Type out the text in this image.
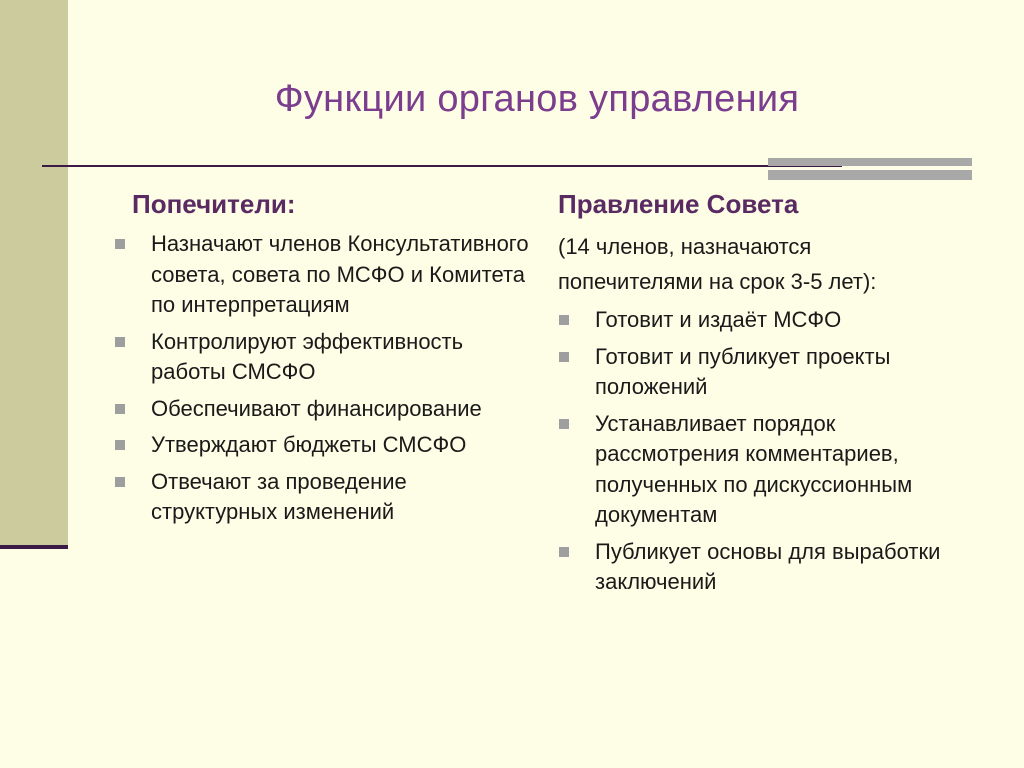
Функции органов управления
Попечители:
Назначают членов Консультативного совета, совета по МСФО и Комитета по интерпретациям
Контролируют эффективность работы СМСФО
Обеспечивают финансирование
Утверждают бюджеты СМСФО
Отвечают за проведение структурных изменений
Правление Совета
(14 членов, назначаются
попечителями на срок 3-5 лет):
Готовит и издаёт МСФО
Готовит и публикует проекты положений
Устанавливает порядок рассмотрения комментариев, полученных по дискуссионным документам
Публикует основы для выработки заключений
